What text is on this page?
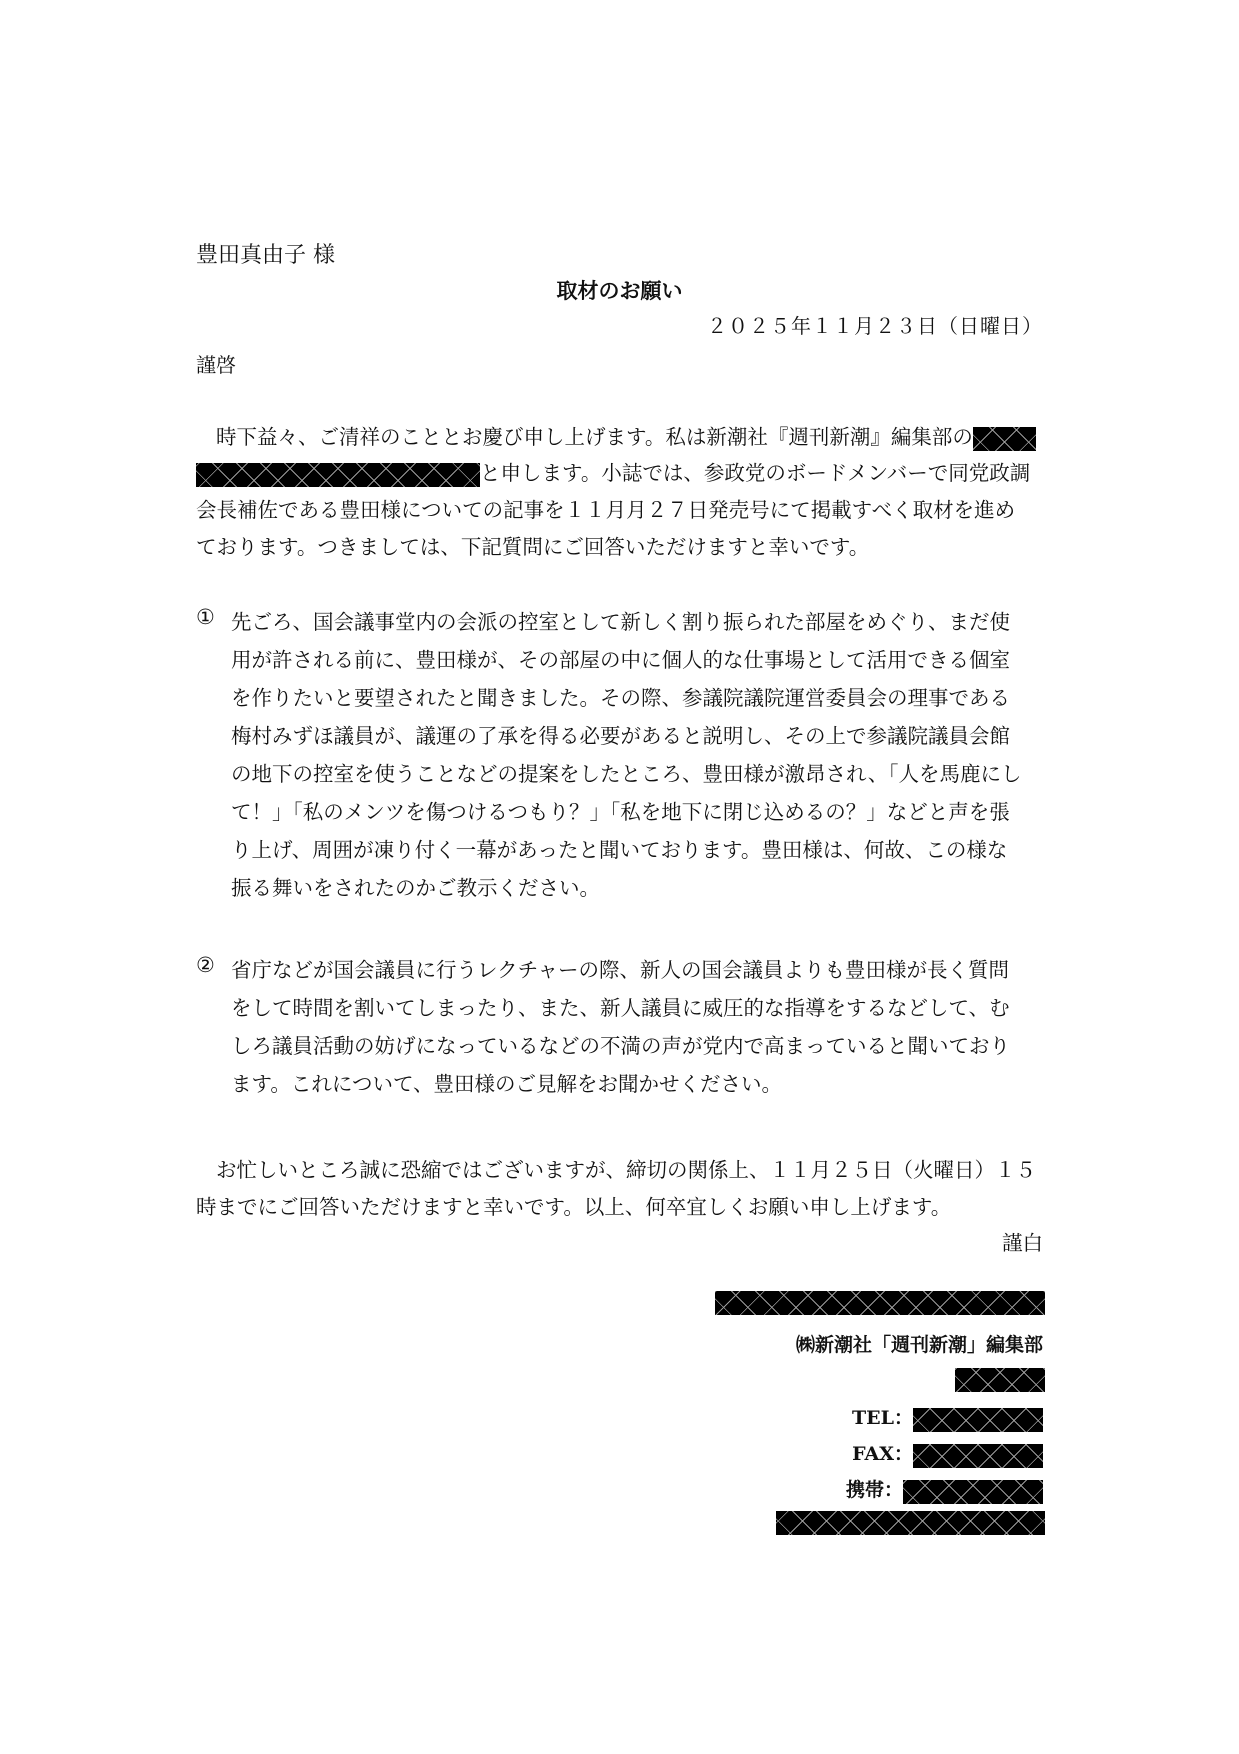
豊田真由子 様
取材のお願い
２０２５年１１月２３日（日曜日）
謹啓
時下益々、ご清祥のこととお慶び申し上げます。私は新潮社『週刊新潮』編集部の
と申します。小誌では、参政党のボードメンバーで同党政調
会長補佐である豊田様についての記事を１１月月２７日発売号にて掲載すべく取材を進め
ております。つきましては、下記質問にご回答いただけますと幸いです。
① 先ごろ、国会議事堂内の会派の控室として新しく割り振られた部屋をめぐり、まだ使
用が許される前に、豊田様が、その部屋の中に個人的な仕事場として活用できる個室
を作りたいと要望されたと聞きました。その際、参議院議院運営委員会の理事である
梅村みずほ議員が、議運の了承を得る必要があると説明し、その上で参議院議員会館
の地下の控室を使うことなどの提案をしたところ、豊田様が激昂され、「人を馬鹿にし
て！」「私のメンツを傷つけるつもり？」「私を地下に閉じ込めるの？」などと声を張
り上げ、周囲が凍り付く一幕があったと聞いております。豊田様は、何故、この様な
振る舞いをされたのかご教示ください。
② 省庁などが国会議員に行うレクチャーの際、新人の国会議員よりも豊田様が長く質問
をして時間を割いてしまったり、また、新人議員に威圧的な指導をするなどして、む
しろ議員活動の妨げになっているなどの不満の声が党内で高まっていると聞いており
ます。これについて、豊田様のご見解をお聞かせください。
お忙しいところ誠に恐縮ではございますが、締切の関係上、１１月２５日（火曜日）１５
時までにご回答いただけますと幸いです。以上、何卒宜しくお願い申し上げます。
謹白
㈱新潮社「週刊新潮」編集部
TEL：
FAX：
携帯：
